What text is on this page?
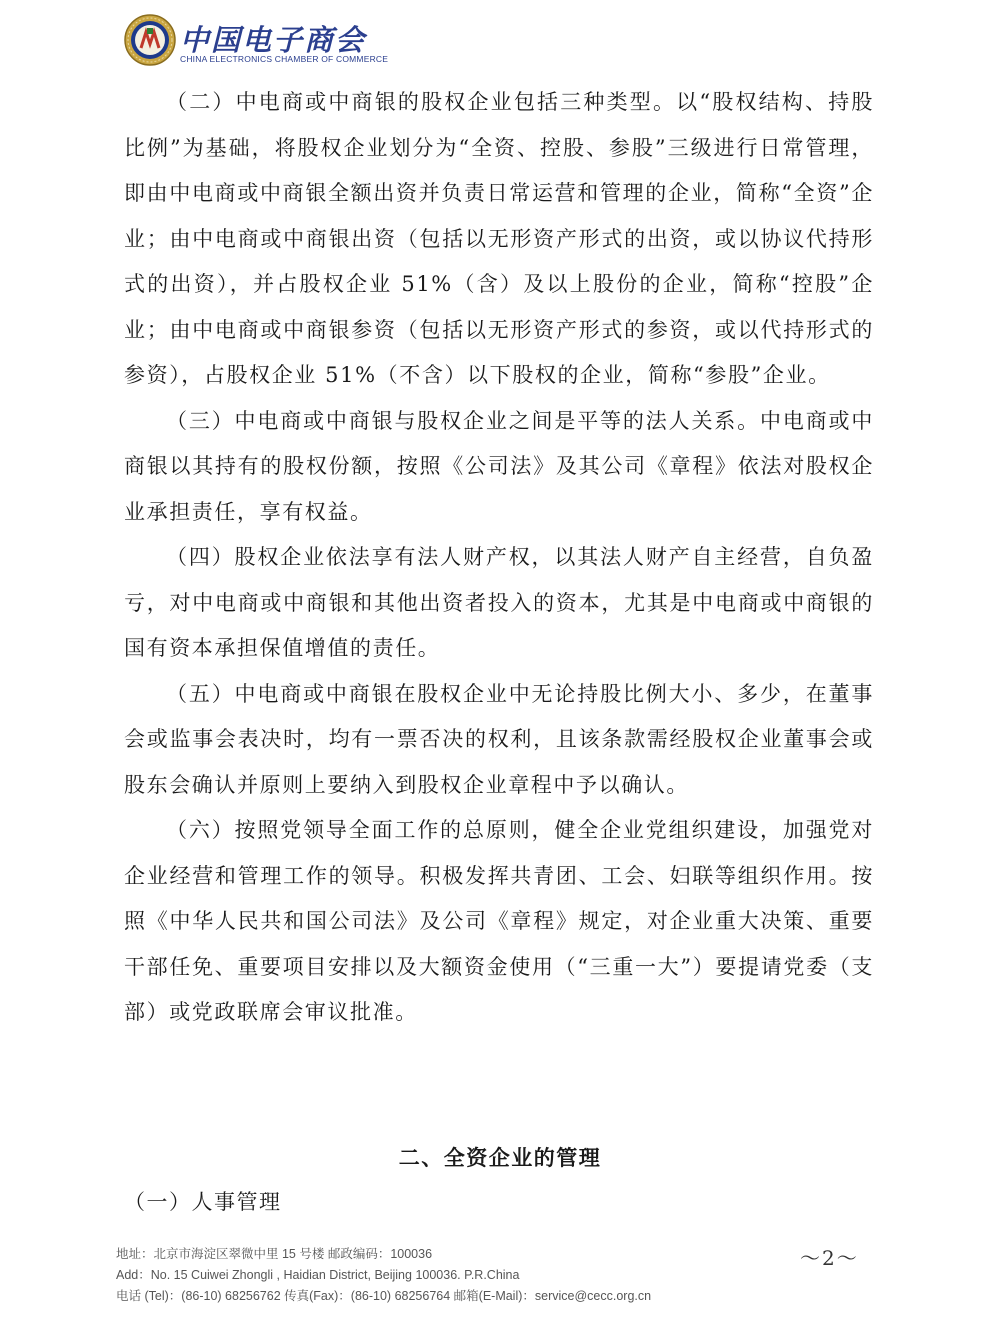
中国电子商会
CHINA ELECTRONICS CHAMBER OF COMMERCE

（二）中电商或中商银的股权企业包括三种类型。以“股权结构、持股比例”为基础，将股权企业划分为“全资、控股、参股”三级进行日常管理，即由中电商或中商银全额出资并负责日常运营和管理的企业，简称“全资”企业；由中电商或中商银出资（包括以无形资产形式的出资，或以协议代持形式的出资），并占股权企业 51%（含）及以上股份的企业，简称“控股”企业；由中电商或中商银参资（包括以无形资产形式的参资，或以代持形式的参资），占股权企业 51%（不含）以下股权的企业，简称“参股”企业。

（三）中电商或中商银与股权企业之间是平等的法人关系。中电商或中商银以其持有的股权份额，按照《公司法》及其公司《章程》依法对股权企业承担责任，享有权益。

（四）股权企业依法享有法人财产权，以其法人财产自主经营，自负盈亏，对中电商或中商银和其他出资者投入的资本，尤其是中电商或中商银的国有资本承担保值增值的责任。

（五）中电商或中商银在股权企业中无论持股比例大小、多少，在董事会或监事会表决时，均有一票否决的权利，且该条款需经股权企业董事会或股东会确认并原则上要纳入到股权企业章程中予以确认。

（六）按照党领导全面工作的总原则，健全企业党组织建设，加强党对企业经营和管理工作的领导。积极发挥共青团、工会、妇联等组织作用。按照《中华人民共和国公司法》及公司《章程》规定，对企业重大决策、重要干部任免、重要项目安排以及大额资金使用（“三重一大”）要提请党委（支部）或党政联席会审议批准。

二、全资企业的管理
（一）人事管理
地址：北京市海淀区翠微中里 15 号楼 邮政编码：100036
Add：No. 15 Cuiwei Zhongli , Haidian District, Beijing 100036. P.R.China
电话 (Tel)：(86-10) 68256762 传真(Fax)：(86-10) 68256764 邮箱(E-Mail)：service@cecc.org.cn
～2～
